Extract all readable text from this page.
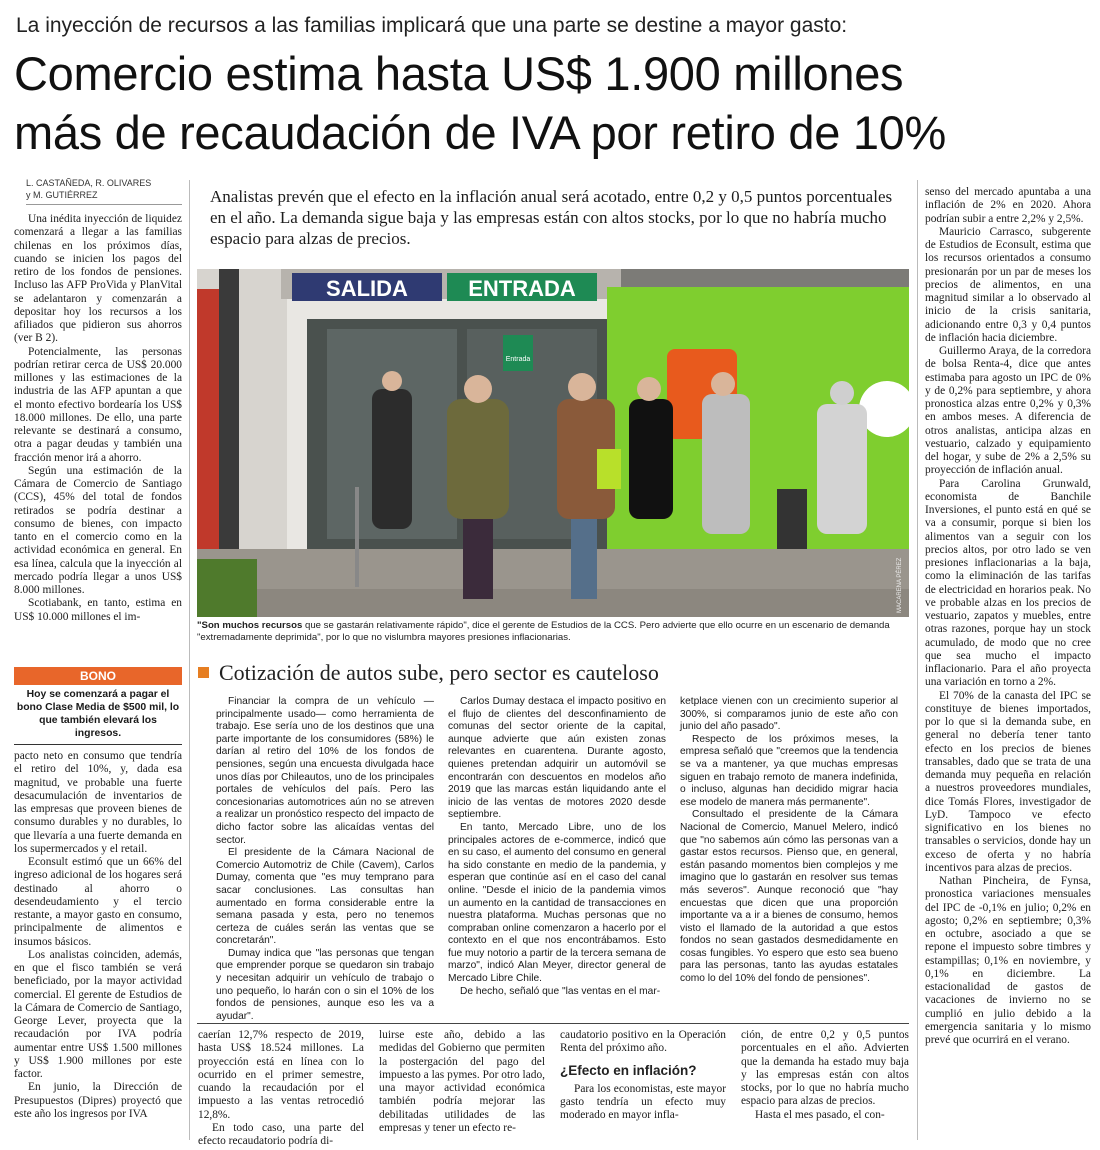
La inyección de recursos a las familias implicará que una parte se destine a mayor gasto:
Comercio estima hasta US$ 1.900 millones
más de recaudación de IVA por retiro de 10%
L. CASTAÑEDA, R. OLIVARES
y M. GUTIÉRREZ

Una inédita inyección de liquidez comenzará a llegar a las familias chilenas en los próximos días, cuando se inicien los pagos del retiro de los fondos de pensiones. Incluso las AFP ProVida y PlanVital se adelantaron y comenzarán a depositar hoy los recursos a los afiliados que pidieron sus ahorros (ver B 2).

Potencialmente, las personas podrían retirar cerca de US$ 20.000 millones y las estimaciones de la industria de las AFP apuntan a que el monto efectivo bordearía los US$ 18.000 millones. De ello, una parte relevante se destinará a consumo, otra a pagar deudas y también una fracción menor irá a ahorro.

Según una estimación de la Cámara de Comercio de Santiago (CCS), 45% del total de fondos retirados se podría destinar a consumo de bienes, con impacto tanto en el comercio como en la actividad económica en general. En esa línea, calcula que la inyección al mercado podría llegar a unos US$ 8.000 millones.

Scotiabank, en tanto, estima en US$ 10.000 millones el im-

BONO
Hoy se comenzará a pagar el bono Clase Media de $500 mil, lo que también elevará los ingresos.

pacto neto en consumo que tendría el retiro del 10%, y, dada esa magnitud, ve probable una fuerte desacumulación de inventarios de las empresas que proveen bienes de consumo durables y no durables, lo que llevaría a una fuerte demanda en los supermercados y el retail.

Econsult estimó que un 66% del ingreso adicional de los hogares será destinado al ahorro o desendeudamiento y el tercio restante, a mayor gasto en consumo, principalmente de alimentos e insumos básicos.

Los analistas coinciden, además, en que el fisco también se verá beneficiado, por la mayor actividad comercial. El gerente de Estudios de la Cámara de Comercio de Santiago, George Lever, proyecta que la recaudación por IVA podría aumentar entre US$ 1.500 millones y US$ 1.900 millones por este factor.

En junio, la Dirección de Presupuestos (Dipres) proyectó que este año los ingresos por IVA

Analistas prevén que el efecto en la inflación anual será acotado, entre 0,2 y 0,5 puntos porcentuales en el año. La demanda sigue baja y las empresas están con altos stocks, por lo que no habría mucho espacio para alzas de precios.
SALIDA	ENTRADA
Entrada
MACARENA PÉREZ
"Son muchos recursos que se gastarán relativamente rápido", dice el gerente de Estudios de la CCS. Pero advierte que ello ocurre en un escenario de demanda "extremadamente deprimida", por lo que no vislumbra mayores presiones inflacionarias.
Cotización de autos sube, pero sector es cauteloso

Financiar la compra de un vehículo —principalmente usado— como herramienta de trabajo. Ese sería uno de los destinos que una parte importante de los consumidores (58%) le darían al retiro del 10% de los fondos de pensiones, según una encuesta divulgada hace unos días por Chileautos, uno de los principales portales de vehículos del país. Pero las concesionarias automotrices aún no se atreven a realizar un pronóstico respecto del impacto de dicho factor sobre las alicaídas ventas del sector.

El presidente de la Cámara Nacional de Comercio Automotriz de Chile (Cavem), Carlos Dumay, comenta que "es muy temprano para sacar conclusiones. Las consultas han aumentado en forma considerable entre la semana pasada y esta, pero no tenemos certeza de cuáles serán las ventas que se concretarán".

Dumay indica que "las personas que tengan que emprender porque se quedaron sin trabajo y necesitan adquirir un vehículo de trabajo o uno pequeño, lo harán con o sin el 10% de los fondos de pensiones, aunque eso les va a ayudar".

Carlos Dumay destaca el impacto positivo en el flujo de clientes del desconfinamiento de comunas del sector oriente de la capital, aunque advierte que aún existen zonas relevantes en cuarentena. Durante agosto, quienes pretendan adquirir un automóvil se encontrarán con descuentos en modelos año 2019 que las marcas están liquidando ante el inicio de las ventas de motores 2020 desde septiembre.

En tanto, Mercado Libre, uno de los principales actores de e-commerce, indicó que en su caso, el aumento del consumo en general ha sido constante en medio de la pandemia, y esperan que continúe así en el caso del canal online. "Desde el inicio de la pandemia vimos un aumento en la cantidad de transacciones en nuestra plataforma. Muchas personas que no compraban online comenzaron a hacerlo por el contexto en el que nos encontrábamos. Esto fue muy notorio a partir de la tercera semana de marzo", indicó Alan Meyer, director general de Mercado Libre Chile.

De hecho, señaló que "las ventas en el mar-

ketplace vienen con un crecimiento superior al 300%, si comparamos junio de este año con junio del año pasado".

Respecto de los próximos meses, la empresa señaló que "creemos que la tendencia se va a mantener, ya que muchas empresas siguen en trabajo remoto de manera indefinida, o incluso, algunas han decidido migrar hacia ese modelo de manera más permanente".

Consultado el presidente de la Cámara Nacional de Comercio, Manuel Melero, indicó que "no sabemos aún cómo las personas van a gastar estos recursos. Pienso que, en general, están pasando momentos bien complejos y me imagino que lo gastarán en resolver sus temas más severos". Aunque reconoció que "hay encuestas que dicen que una proporción importante va a ir a bienes de consumo, hemos visto el llamado de la autoridad a que estos fondos no sean gastados desmedidamente en cosas fungibles. Yo espero que esto sea bueno para las personas, tanto las ayudas estatales como lo del 10% del fondo de pensiones".

caerían 12,7% respecto de 2019, hasta US$ 18.524 millones. La proyección está en línea con lo ocurrido en el primer semestre, cuando la recaudación por el impuesto a las ventas retrocedió 12,8%.

En todo caso, una parte del efecto recaudatorio podría di-

luirse este año, debido a las medidas del Gobierno que permiten la postergación del pago del impuesto a las pymes. Por otro lado, una mayor actividad económica también podría mejorar las debilitadas utilidades de las empresas y tener un efecto re-

caudatorio positivo en la Operación Renta del próximo año.

¿Efecto en inflación?

Para los economistas, este mayor gasto tendría un efecto muy moderado en mayor infla-

ción, de entre 0,2 y 0,5 puntos porcentuales en el año. Advierten que la demanda ha estado muy baja y las empresas están con altos stocks, por lo que no habría mucho espacio para alzas de precios.

Hasta el mes pasado, el con-

senso del mercado apuntaba a una inflación de 2% en 2020. Ahora podrían subir a entre 2,2% y 2,5%.

Mauricio Carrasco, subgerente de Estudios de Econsult, estima que los recursos orientados a consumo presionarán por un par de meses los precios de alimentos, en una magnitud similar a lo observado al inicio de la crisis sanitaria, adicionando entre 0,3 y 0,4 puntos de inflación hacia diciembre.

Guillermo Araya, de la corredora de bolsa Renta-4, dice que antes estimaba para agosto un IPC de 0% y de 0,2% para septiembre, y ahora pronostica alzas entre 0,2% y 0,3% en ambos meses. A diferencia de otros analistas, anticipa alzas en vestuario, calzado y equipamiento del hogar, y sube de 2% a 2,5% su proyección de inflación anual.

Para Carolina Grunwald, economista de Banchile Inversiones, el punto está en qué se va a consumir, porque si bien los alimentos van a seguir con los precios altos, por otro lado se ven presiones inflacionarias a la baja, como la eliminación de las tarifas de electricidad en horarios peak. No ve probable alzas en los precios de vestuario, zapatos y muebles, entre otras razones, porque hay un stock acumulado, de modo que no cree que sea mucho el impacto inflacionario. Para el año proyecta una variación en torno a 2%.

El 70% de la canasta del IPC se constituye de bienes importados, por lo que si la demanda sube, en general no debería tener tanto efecto en los precios de bienes transables, dado que se trata de una demanda muy pequeña en relación a nuestros proveedores mundiales, dice Tomás Flores, investigador de LyD. Tampoco ve efecto significativo en los bienes no transables o servicios, donde hay un exceso de oferta y no habría incentivos para alzas de precios.

Nathan Pincheira, de Fynsa, pronostica variaciones mensuales del IPC de -0,1% en julio; 0,2% en agosto; 0,2% en septiembre; 0,3% en octubre, asociado a que se repone el impuesto sobre timbres y estampillas; 0,1% en noviembre, y 0,1% en diciembre. La estacionalidad de gastos de vacaciones de invierno no se cumplió en julio debido a la emergencia sanitaria y lo mismo prevé que ocurrirá en el verano.
